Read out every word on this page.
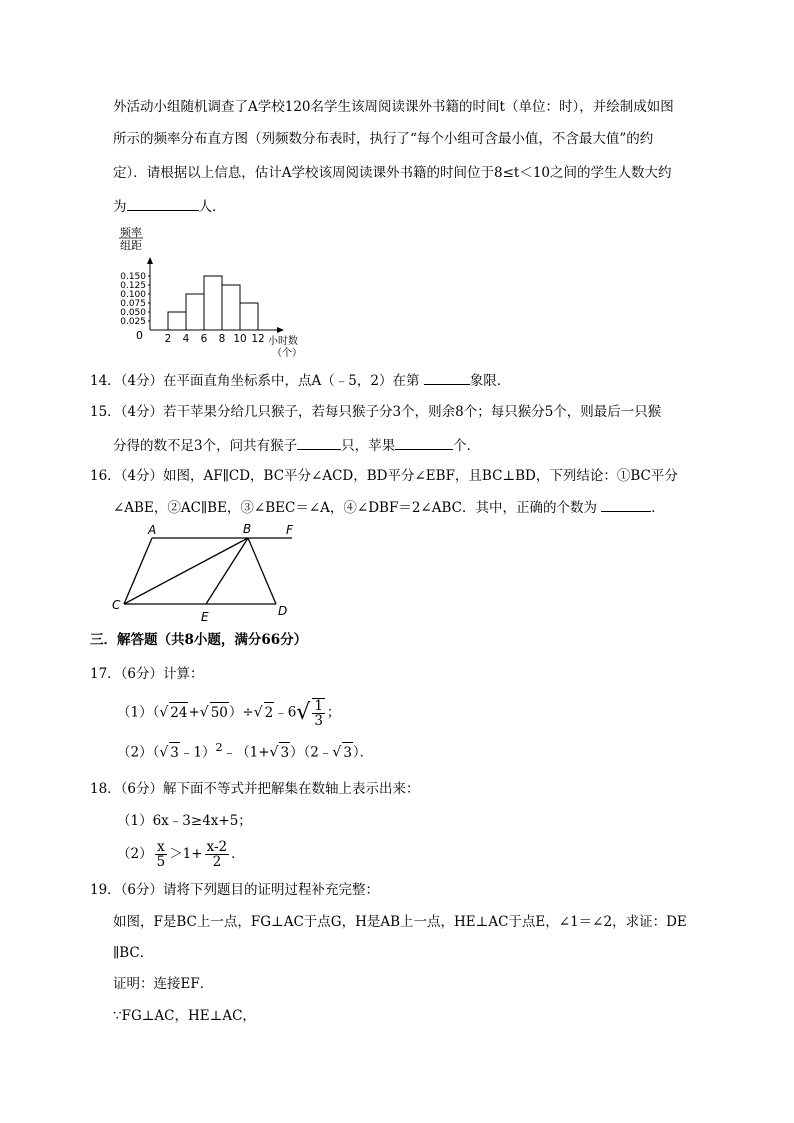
外活动小组随机调查了A学校120名学生该周阅读课外书籍的时间t（单位：时），并绘制成如图
所示的频率分布直方图（列频数分布表时，执行了“每个小组可含最小值，不含最大值”的约
定）．请根据以上信息，估计A学校该周阅读课外书籍的时间位于8≤t＜10之间的学生人数大约
为	人．
频率
组距
0.025
0.050
0.075
0.100
0.125
0.150
2 4 6 8 10 12
0	小时数
（个）
14．（4分）在平面直角坐标系中，点A（﹣5，2）在第	象限．
15．（4分）若干苹果分给几只猴子，若每只猴子分3个，则余8个；每只猴分5个，则最后一只猴
分得的数不足3个，问共有猴子	只，苹果	个．
16．（4分）如图，AF∥CD，BC平分∠ACD，BD平分∠EBF，且BC⊥BD，下列结论：①BC平分
∠ABE，②AC∥BE，③∠BEC＝∠A，④∠DBF＝2∠ABC．其中，正确的个数为	．
A	B	F
C
E	D
三．解答题（共8小题，满分66分）
17．（6分）计算：
（1）（√ 24+√ 50）÷√ 2﹣6√ $\frac{1}{3}$ ；
（2）（√ 3﹣1）$^2$﹣（1+√ 3）（2﹣√ 3）．
18．（6分）解下面不等式并把解集在数轴上表示出来：
（1）6x﹣3≥4x+5；
$(2) \frac{x}{5} >1+ \frac{x-2}{2}$ ．
19．（6分）请将下列题目的证明过程补充完整：
如图，F是BC上一点，FG⊥AC于点G，H是AB上一点，HE⊥AC于点E，∠1＝∠2，求证：DE
∥BC．
证明：连接EF．
∵FG⊥AC，HE⊥AC，
